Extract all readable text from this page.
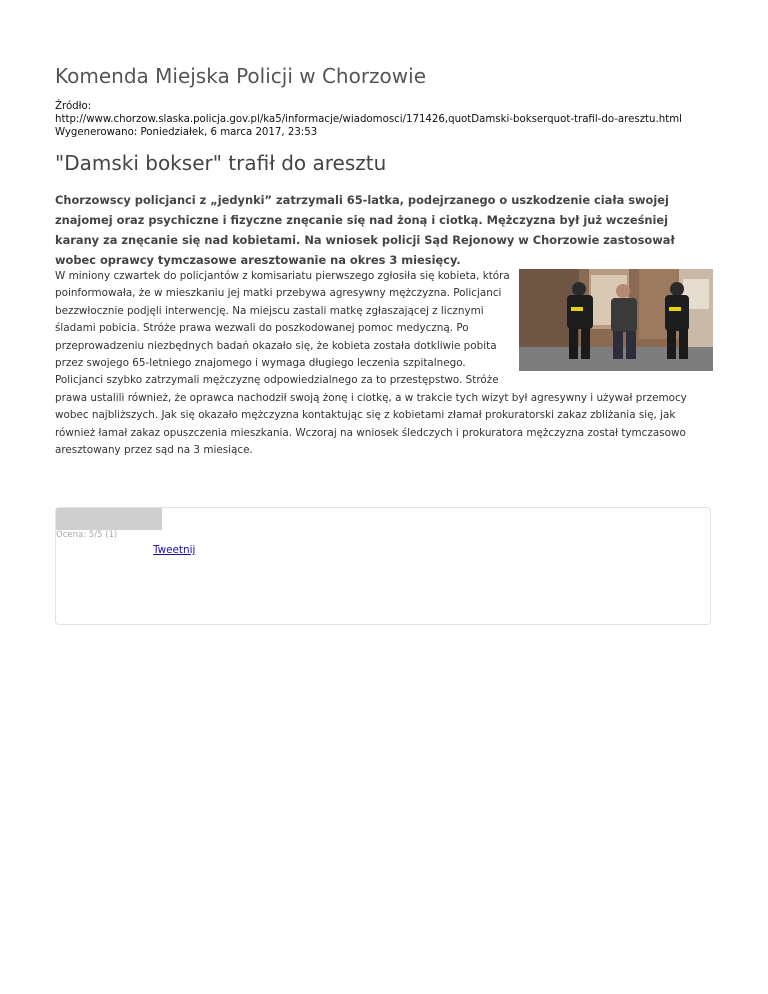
Komenda Miejska Policji w Chorzowie
Źródło:
http://www.chorzow.slaska.policja.gov.pl/ka5/informacje/wiadomosci/171426,quotDamski-bokserquot-trafil-do-aresztu.html
Wygenerowano: Poniedziałek, 6 marca 2017, 23:53
"Damski bokser" trafił do aresztu

Chorzowscy policjanci z „jedynki” zatrzymali 65-latka, podejrzanego o uszkodzenie ciała swojej znajomej oraz psychiczne i fizyczne znęcanie się nad żoną i ciotką. Mężczyzna był już wcześniej karany za znęcanie się nad kobietami. Na wniosek policji Sąd Rejonowy w Chorzowie zastosował wobec oprawcy tymczasowe aresztowanie na okres 3 miesięcy.

W miniony czwartek do policjantów z komisariatu pierwszego zgłosiła się kobieta, która poinformowała, że w mieszkaniu jej matki przebywa agresywny mężczyzna. Policjanci bezzwłocznie podjęli interwencję. Na miejscu zastali matkę zgłaszającej z licznymi śladami pobicia. Stróże prawa wezwali do poszkodowanej pomoc medyczną. Po przeprowadzeniu niezbędnych badań okazało się, że kobieta została dotkliwie pobita przez swojego 65-letniego znajomego i wymaga długiego leczenia szpitalnego. Policjanci szybko zatrzymali mężczyznę odpowiedzialnego za to przestępstwo. Stróże prawa ustalili również, że oprawca nachodził swoją żonę i ciotkę, a w trakcie tych wizyt był agresywny i używał przemocy wobec najbliższych. Jak się okazało mężczyzna kontaktując się z kobietami złamał prokuratorski zakaz zbliżania się, jak również łamał zakaz opuszczenia mieszkania. Wczoraj na wniosek śledczych i prokuratora mężczyzna został tymczasowo aresztowany przez sąd na 3 miesiące.

Ocena: 5/5 (1)
Tweetnij
